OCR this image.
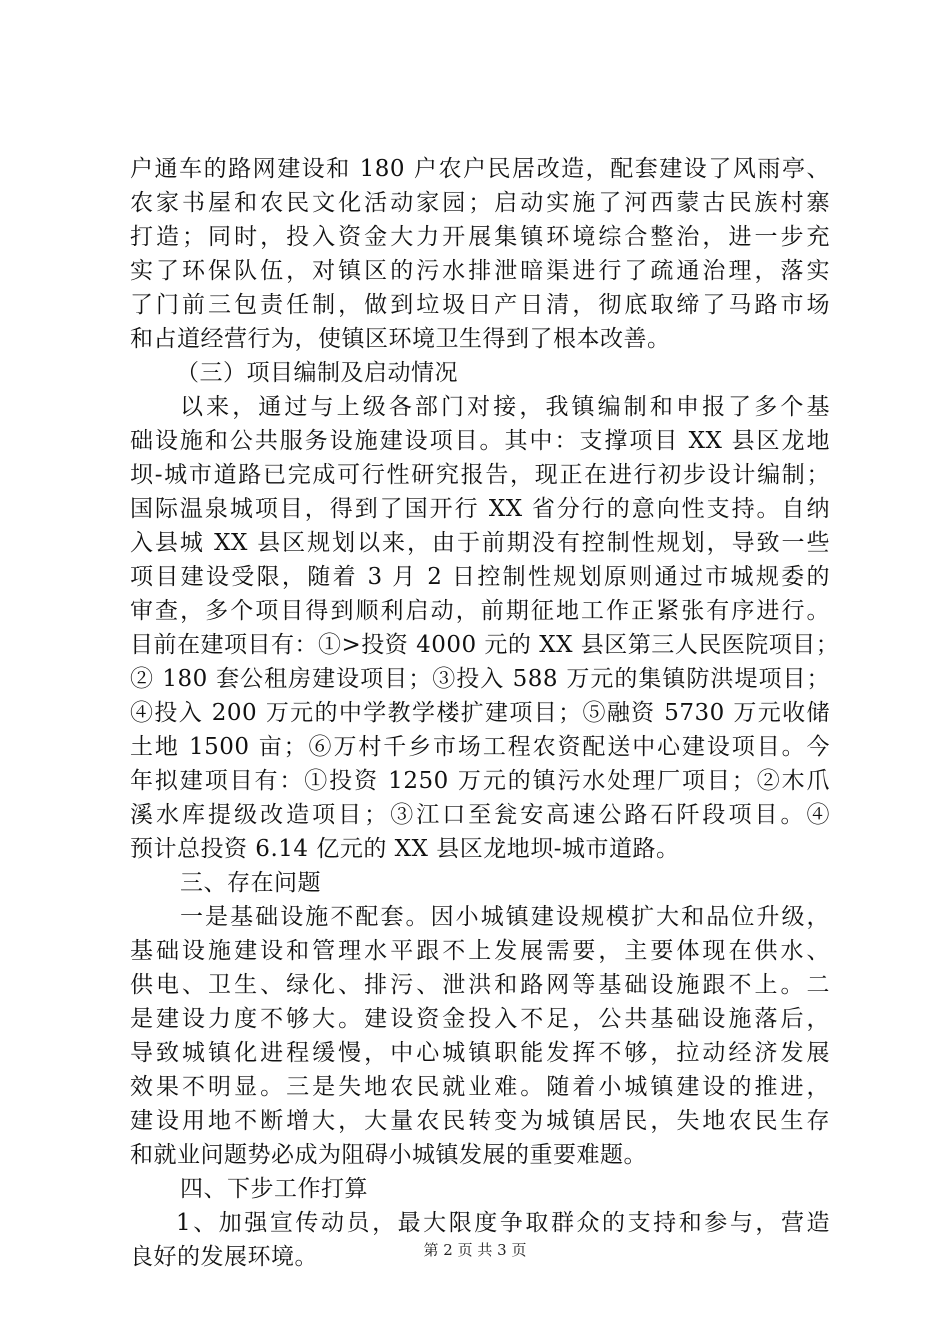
户通车的路网建设和 180 户农户民居改造，配套建设了风雨亭、
农家书屋和农民文化活动家园；启动实施了河西蒙古民族村寨
打造；同时，投入资金大力开展集镇环境综合整治，进一步充
实了环保队伍，对镇区的污水排泄暗渠进行了疏通治理，落实
了门前三包责任制，做到垃圾日产日清，彻底取缔了马路市场
和占道经营行为，使镇区环境卫生得到了根本改善。
（三）项目编制及启动情况
以来，通过与上级各部门对接，我镇编制和申报了多个基
础设施和公共服务设施建设项目。其中：支撑项目 XX 县区龙地
坝-城市道路已完成可行性研究报告，现正在进行初步设计编制；
国际温泉城项目，得到了国开行 XX 省分行的意向性支持。自纳
入县城 XX 县区规划以来，由于前期没有控制性规划，导致一些
项目建设受限，随着 3 月 2 日控制性规划原则通过市城规委的
审查，多个项目得到顺利启动，前期征地工作正紧张有序进行。
目前在建项目有：①>投资 4000 元的 XX 县区第三人民医院项目；
② 180 套公租房建设项目；③投入 588 万元的集镇防洪堤项目；
④投入 200 万元的中学教学楼扩建项目；⑤融资 5730 万元收储
土地 1500 亩；⑥万村千乡市场工程农资配送中心建设项目。今
年拟建项目有：①投资 1250 万元的镇污水处理厂项目；②木爪
溪水库提级改造项目；③江口至瓮安高速公路石阡段项目。④
预计总投资 6.14 亿元的 XX 县区龙地坝-城市道路。
三、存在问题
一是基础设施不配套。因小城镇建设规模扩大和品位升级，
基础设施建设和管理水平跟不上发展需要，主要体现在供水、
供电、卫生、绿化、排污、泄洪和路网等基础设施跟不上。二
是建设力度不够大。建设资金投入不足，公共基础设施落后，
导致城镇化进程缓慢，中心城镇职能发挥不够，拉动经济发展
效果不明显。三是失地农民就业难。随着小城镇建设的推进，
建设用地不断增大，大量农民转变为城镇居民，失地农民生存
和就业问题势必成为阻碍小城镇发展的重要难题。
四、下步工作打算
1、加强宣传动员，最大限度争取群众的支持和参与，营造
良好的发展环境。	第 2 页 共 3 页
